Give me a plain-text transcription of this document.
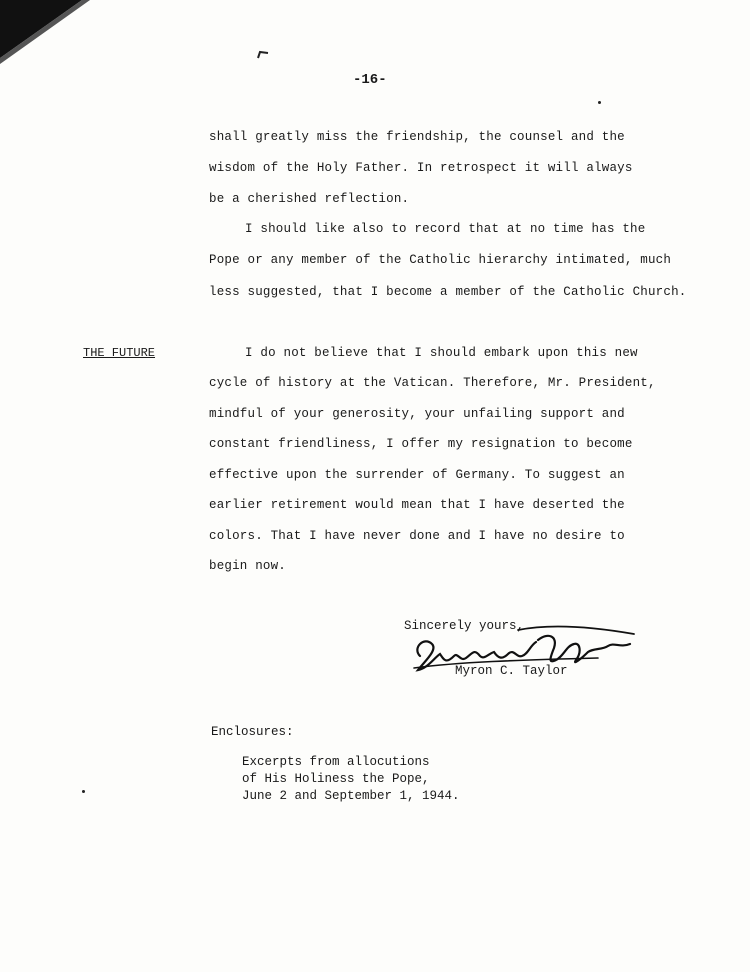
-16-
shall greatly miss the friendship, the counsel and the
wisdom of the Holy Father. In retrospect it will always
be a cherished reflection.
I should like also to record that at no time has the
Pope or any member of the Catholic hierarchy intimated, much
less suggested, that I become a member of the Catholic Church.
THE FUTURE	I do not believe that I should embark upon this new
cycle of history at the Vatican. Therefore, Mr. President,
mindful of your generosity, your unfailing support and
constant friendliness, I offer my resignation to become
effective upon the surrender of Germany. To suggest an
earlier retirement would mean that I have deserted the
colors. That I have never done and I have no desire to
begin now.
Sincerely yours,
Myron C. Taylor
Enclosures:
Excerpts from allocutions
of His Holiness the Pope,
June 2 and September 1, 1944.
